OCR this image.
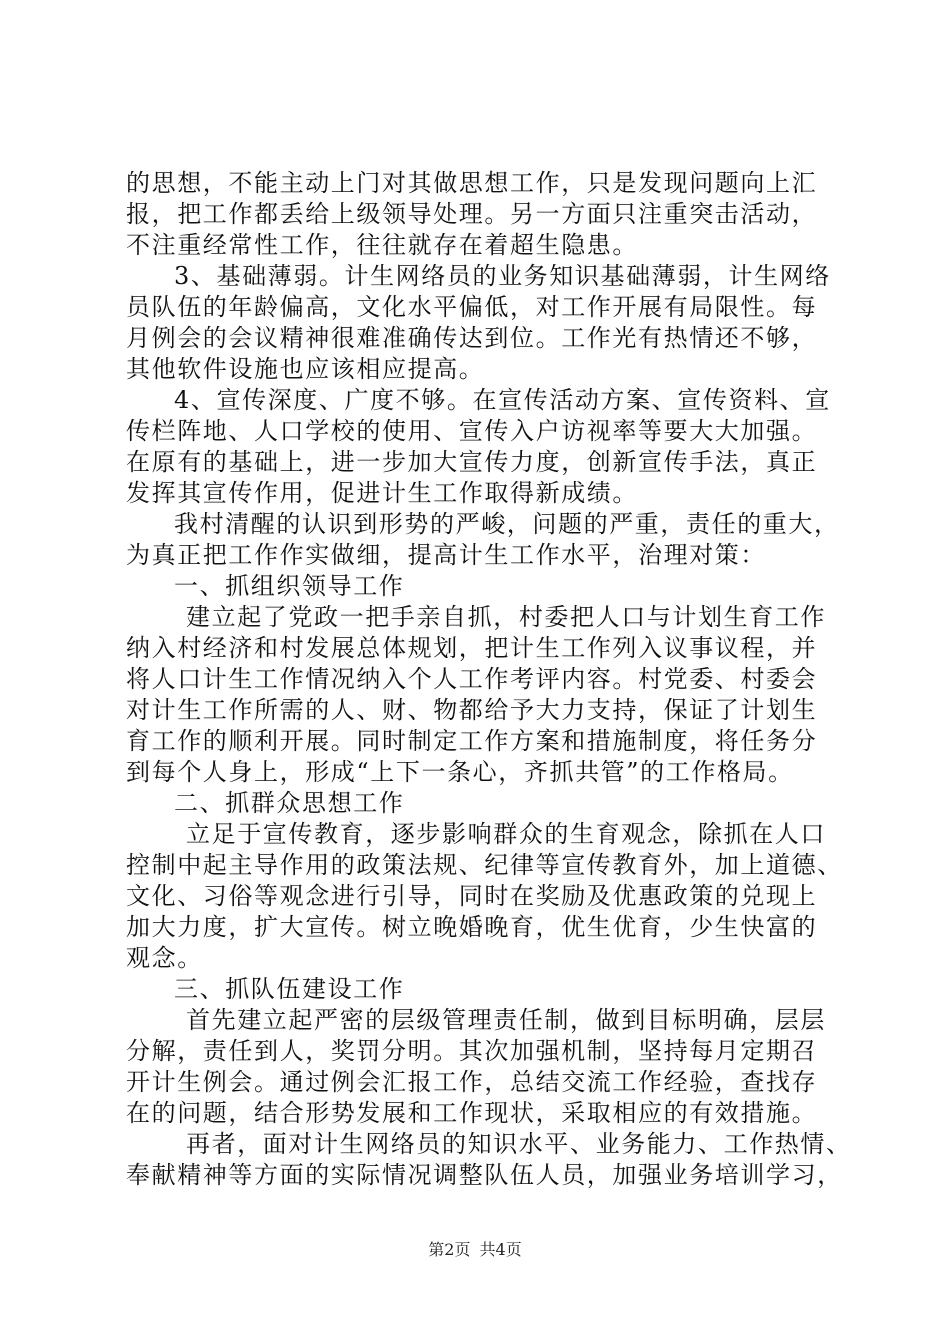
的思想，不能主动上门对其做思想工作，只是发现问题向上汇
报，把工作都丢给上级领导处理。另一方面只注重突击活动，
不注重经常性工作，往往就存在着超生隐患。
3、基础薄弱。计生网络员的业务知识基础薄弱，计生网络
员队伍的年龄偏高，文化水平偏低，对工作开展有局限性。每
月例会的会议精神很难准确传达到位。工作光有热情还不够，
其他软件设施也应该相应提高。
4、宣传深度、广度不够。在宣传活动方案、宣传资料、宣
传栏阵地、人口学校的使用、宣传入户访视率等要大大加强。
在原有的基础上，进一步加大宣传力度，创新宣传手法，真正
发挥其宣传作用，促进计生工作取得新成绩。
我村清醒的认识到形势的严峻，问题的严重，责任的重大，
为真正把工作作实做细，提高计生工作水平，治理对策：
一、抓组织领导工作
建立起了党政一把手亲自抓，村委把人口与计划生育工作
纳入村经济和村发展总体规划，把计生工作列入议事议程，并
将人口计生工作情况纳入个人工作考评内容。村党委、村委会
对计生工作所需的人、财、物都给予大力支持，保证了计划生
育工作的顺利开展。同时制定工作方案和措施制度，将任务分
到每个人身上，形成“上下一条心，齐抓共管”的工作格局。
二、抓群众思想工作
立足于宣传教育，逐步影响群众的生育观念，除抓在人口
控制中起主导作用的政策法规、纪律等宣传教育外，加上道德、
文化、习俗等观念进行引导，同时在奖励及优惠政策的兑现上
加大力度，扩大宣传。树立晚婚晚育，优生优育，少生快富的
观念。
三、抓队伍建设工作
首先建立起严密的层级管理责任制，做到目标明确，层层
分解，责任到人，奖罚分明。其次加强机制，坚持每月定期召
开计生例会。通过例会汇报工作，总结交流工作经验，查找存
在的问题，结合形势发展和工作现状，采取相应的有效措施。
再者，面对计生网络员的知识水平、业务能力、工作热情、
奉献精神等方面的实际情况调整队伍人员，加强业务培训学习，
第2页 共4页
